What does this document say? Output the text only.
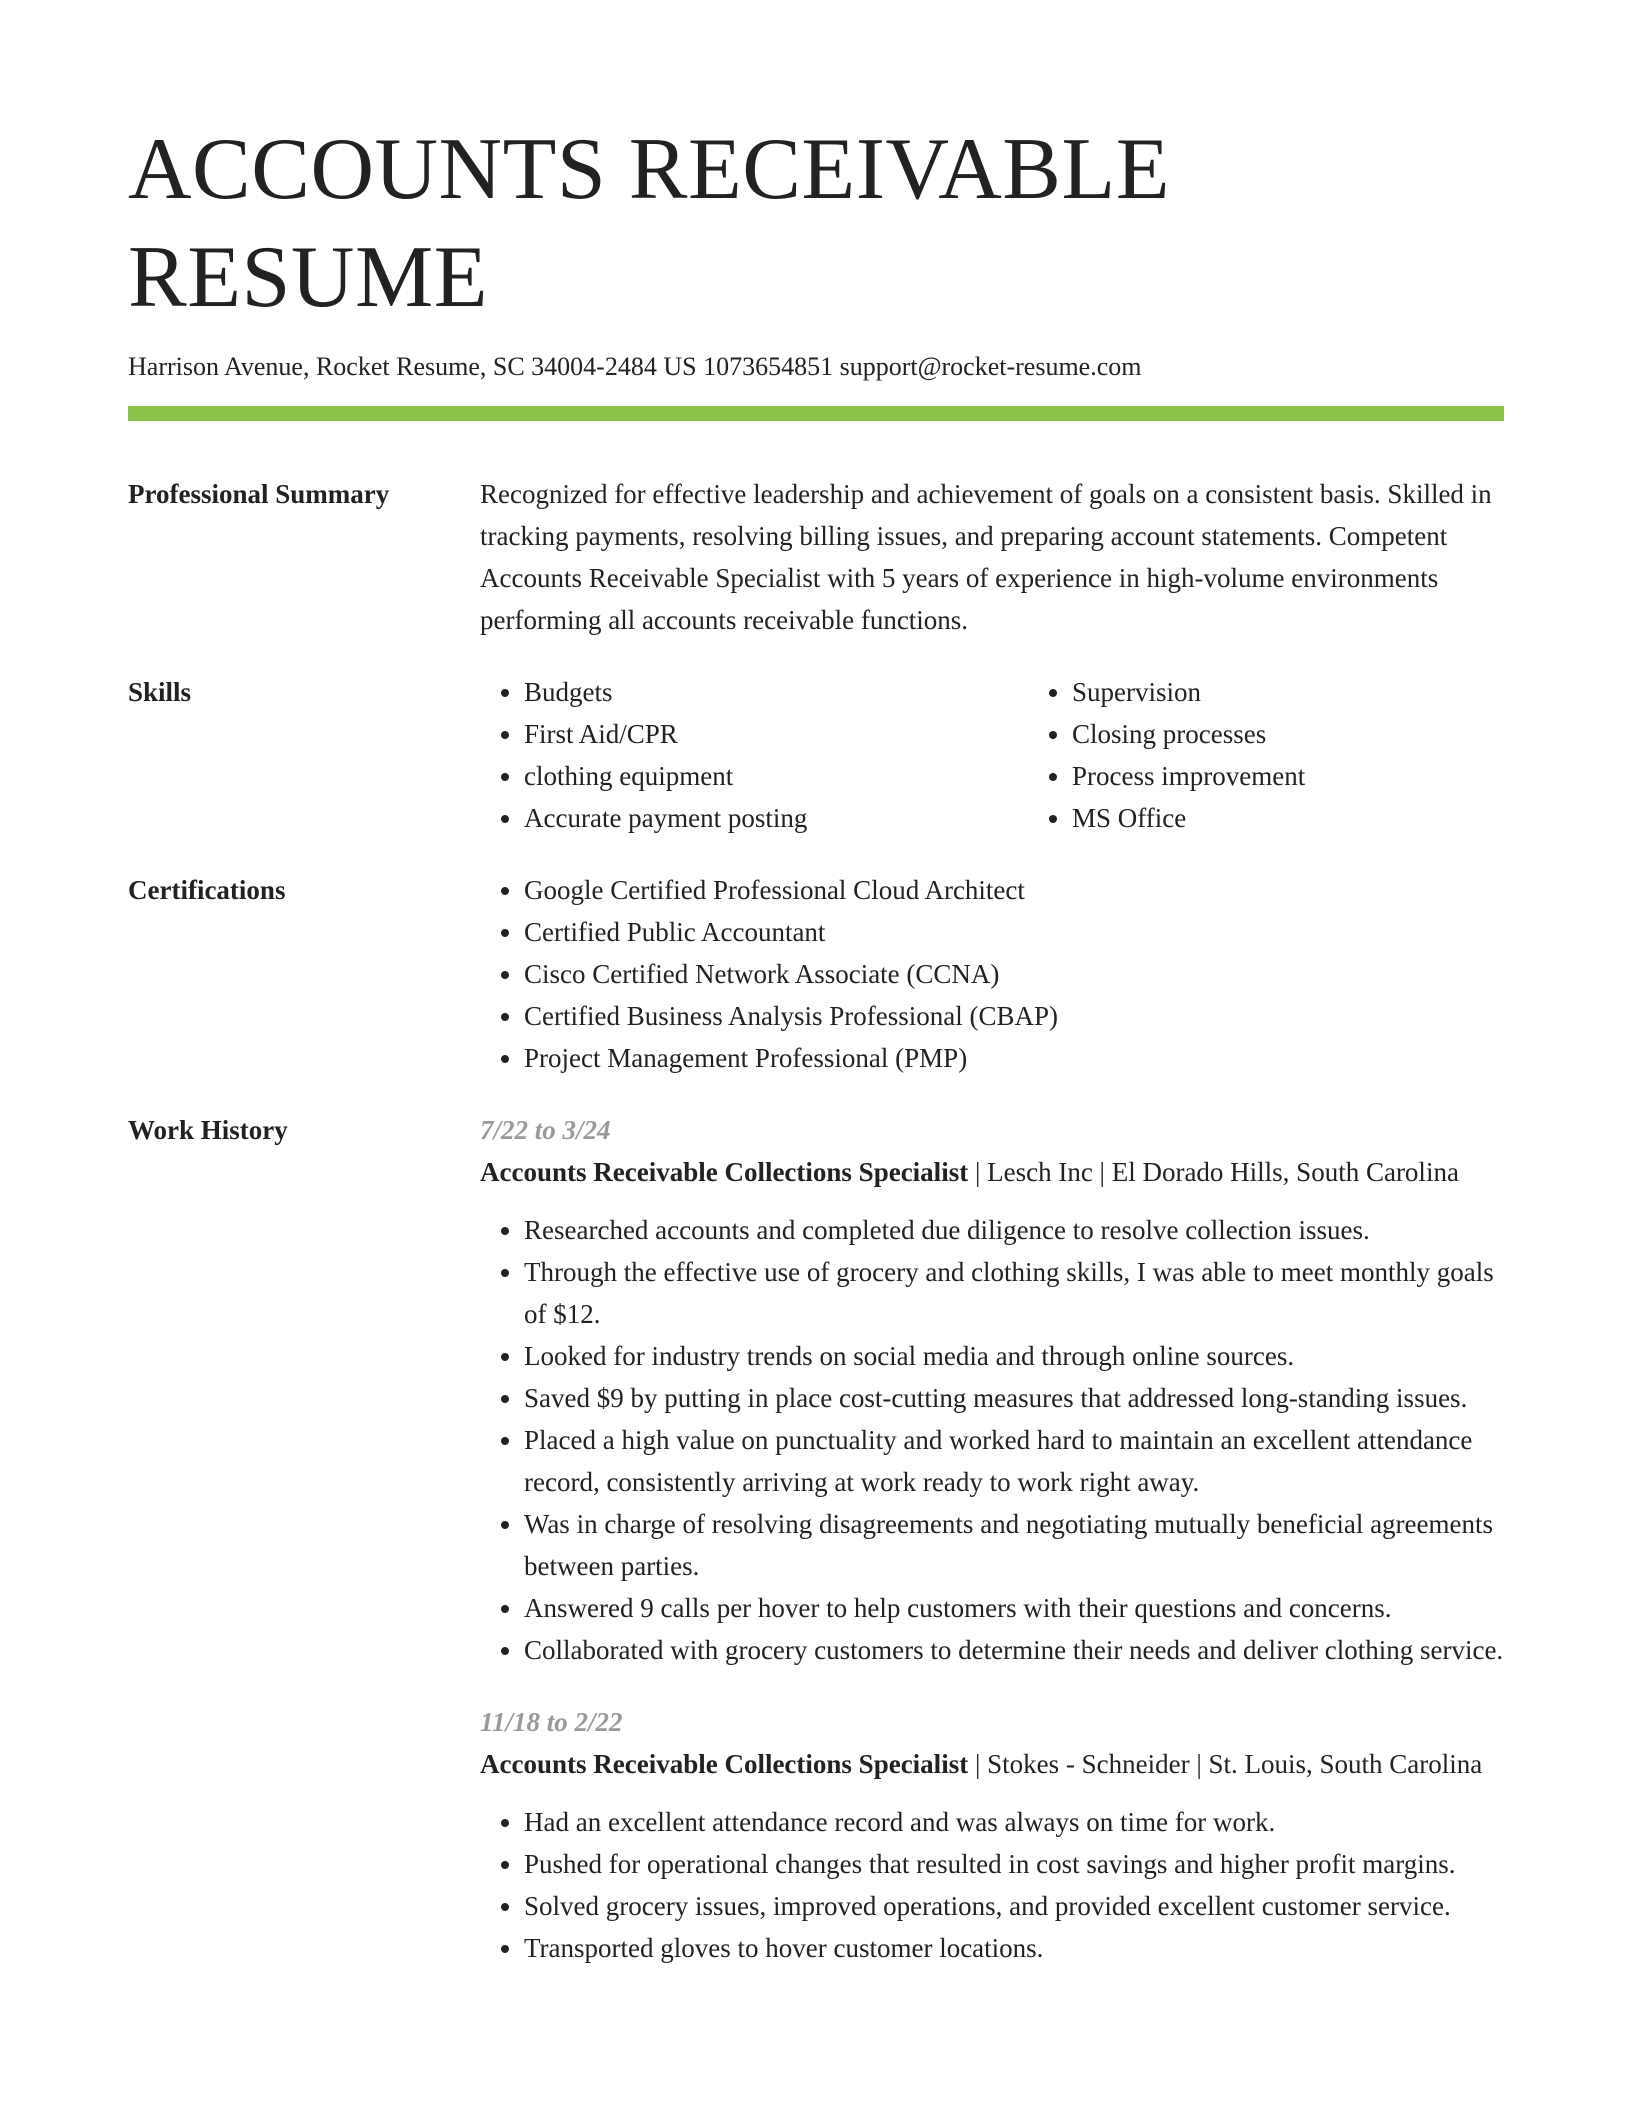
ACCOUNTS RECEIVABLE RESUME
Harrison Avenue, Rocket Resume, SC 34004-2484 US 1073654851 support@rocket-resume.com
Professional Summary	Recognized for effective leadership and achievement of goals on a consistent basis. Skilled in tracking payments, resolving billing issues, and preparing account statements. Competent Accounts Receivable Specialist with 5 years of experience in high-volume environments performing all accounts receivable functions.

Skills	• Budgets
• First Aid/CPR
• clothing equipment
• Accurate payment posting
• Supervision
• Closing processes
• Process improvement
• MS Office
Certifications	• Google Certified Professional Cloud Architect
• Certified Public Accountant
• Cisco Certified Network Associate (CCNA)
• Certified Business Analysis Professional (CBAP)
• Project Management Professional (PMP)
Work History	7/22 to 3/24
Accounts Receivable Collections Specialist | Lesch Inc | El Dorado Hills, South Carolina
• Researched accounts and completed due diligence to resolve collection issues.
• Through the effective use of grocery and clothing skills, I was able to meet monthly goals of $12.
• Looked for industry trends on social media and through online sources.
• Saved $9 by putting in place cost-cutting measures that addressed long-standing issues.
• Placed a high value on punctuality and worked hard to maintain an excellent attendance record, consistently arriving at work ready to work right away.
• Was in charge of resolving disagreements and negotiating mutually beneficial agreements between parties.
• Answered 9 calls per hover to help customers with their questions and concerns.
• Collaborated with grocery customers to determine their needs and deliver clothing service.
11/18 to 2/22
Accounts Receivable Collections Specialist | Stokes - Schneider | St. Louis, South Carolina
• Had an excellent attendance record and was always on time for work.
• Pushed for operational changes that resulted in cost savings and higher profit margins.
• Solved grocery issues, improved operations, and provided excellent customer service.
• Transported gloves to hover customer locations.
